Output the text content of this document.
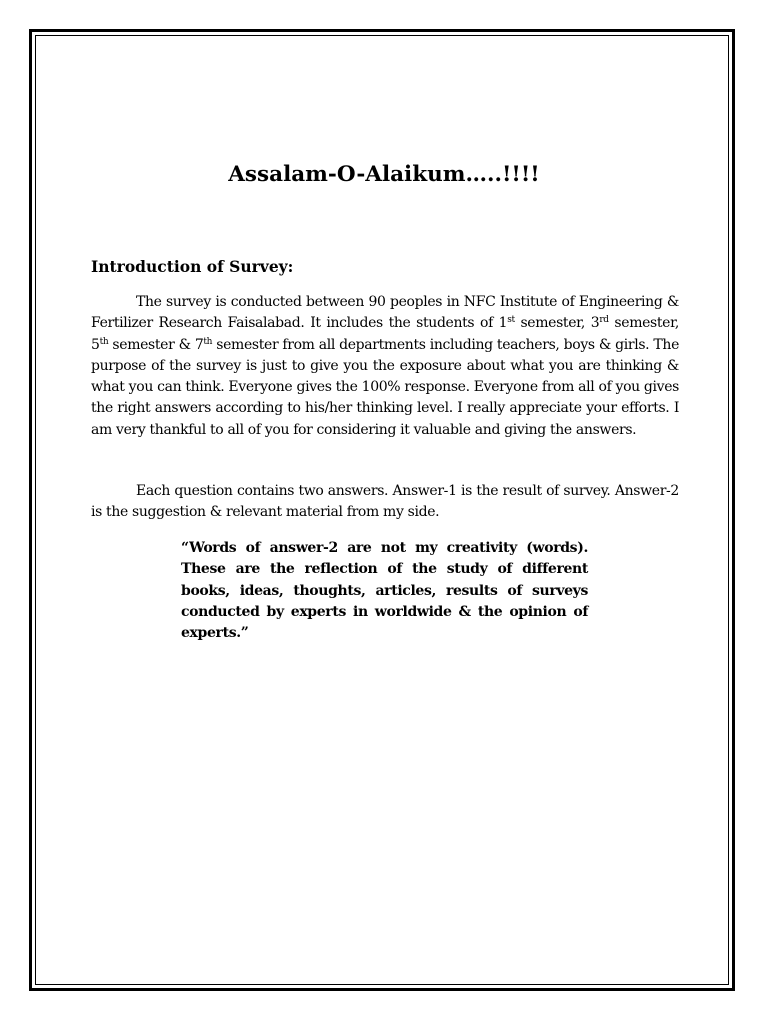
Assalam-O-Alaikum…..!!!!
Introduction of Survey:

The survey is conducted between 90 peoples in NFC Institute of Engineering & Fertilizer Research Faisalabad. It includes the students of 1st semester, 3rd semester, 5th semester & 7th semester from all departments including teachers, boys & girls. The purpose of the survey is just to give you the exposure about what you are thinking & what you can think. Everyone gives the 100% response. Everyone from all of you gives the right answers according to his/her thinking level. I really appreciate your efforts. I am very thankful to all of you for considering it valuable and giving the answers.

Each question contains two answers. Answer-1 is the result of survey. Answer-2 is the suggestion & relevant material from my side.

“Words of answer-2 are not my creativity (words). These are the reflection of the study of different books, ideas, thoughts, articles, results of surveys conducted by experts in worldwide & the opinion of experts.”
